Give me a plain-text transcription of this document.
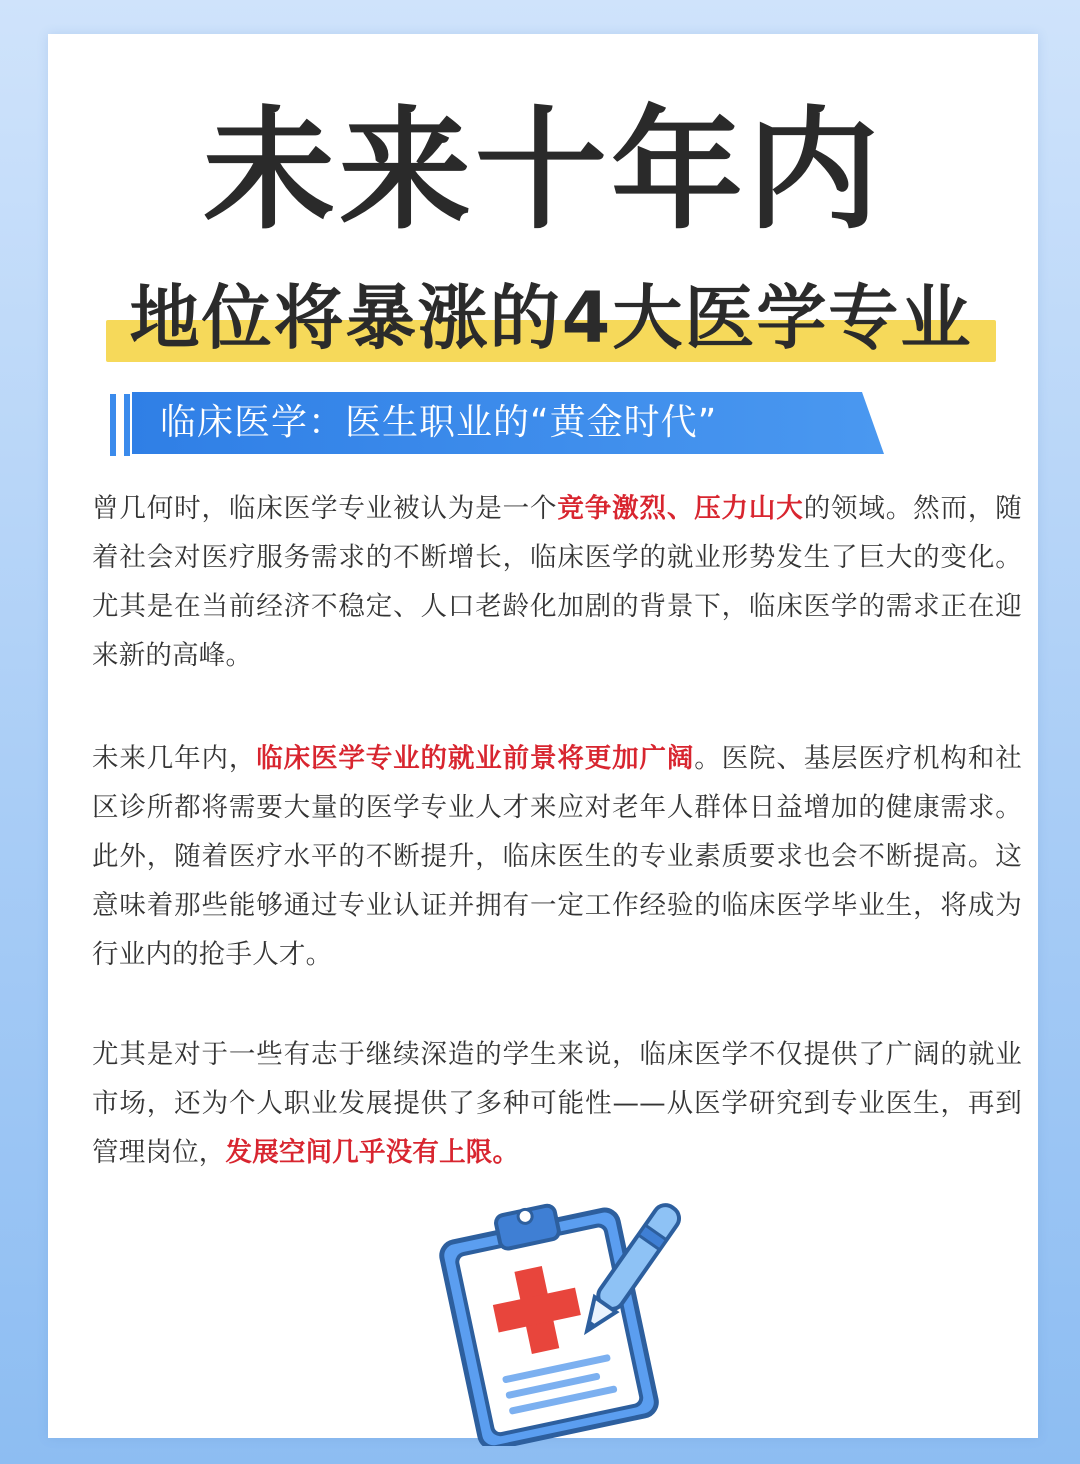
未来十年内
地位将暴涨的4大医学专业
临床医学：医生职业的“黄金时代”

曾几何时，临床医学专业被认为是一个竞争激烈、压力山大的领域。然而，随着社会对医疗服务需求的不断增长，临床医学的就业形势发生了巨大的变化。尤其是在当前经济不稳定、人口老龄化加剧的背景下，临床医学的需求正在迎来新的高峰。

未来几年内，临床医学专业的就业前景将更加广阔。医院、基层医疗机构和社区诊所都将需要大量的医学专业人才来应对老年人群体日益增加的健康需求。此外，随着医疗水平的不断提升，临床医生的专业素质要求也会不断提高。这意味着那些能够通过专业认证并拥有一定工作经验的临床医学毕业生，将成为行业内的抢手人才。

尤其是对于一些有志于继续深造的学生来说，临床医学不仅提供了广阔的就业市场，还为个人职业发展提供了多种可能性——从医学研究到专业医生，再到管理岗位，发展空间几乎没有上限。
